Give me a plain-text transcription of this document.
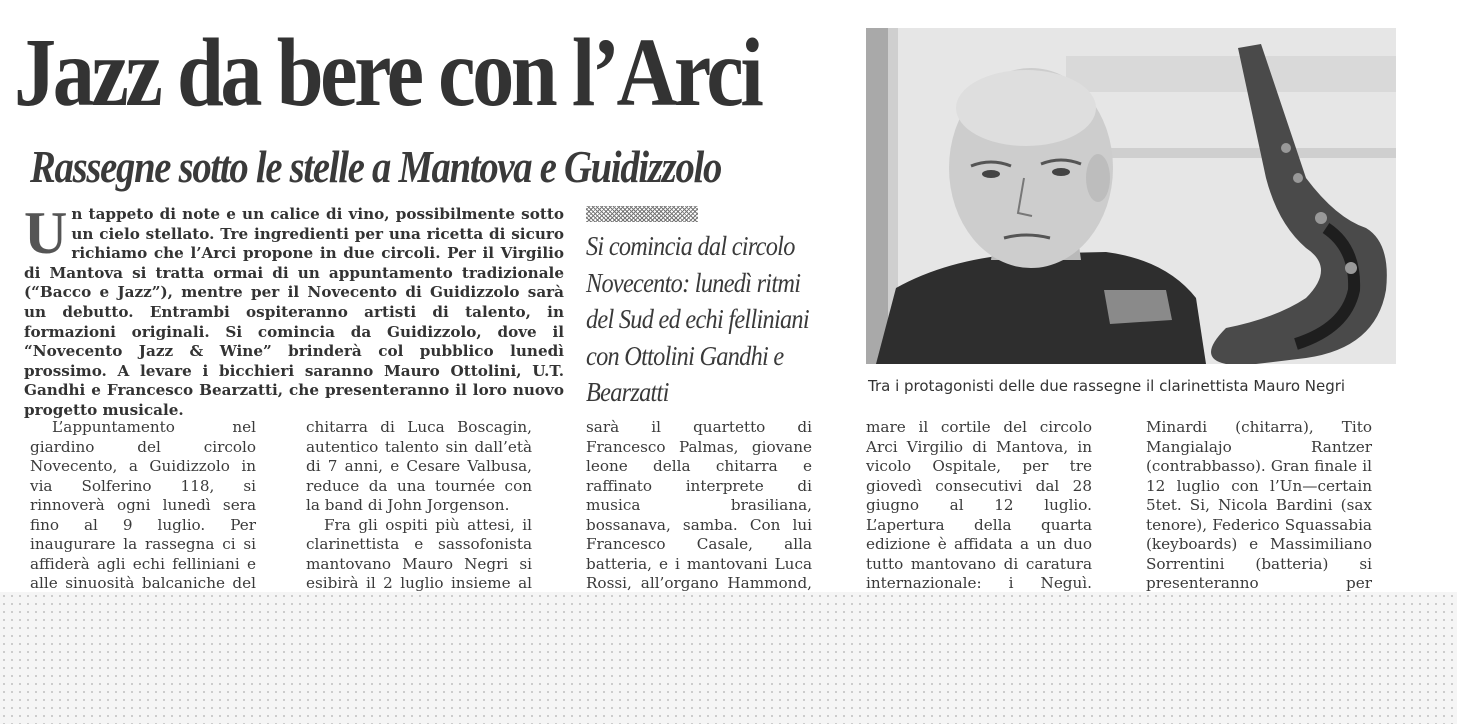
Jazz da bere con l’Arci
Rassegne sotto le stelle a Mantova e Guidizzolo
Un tappeto di note e un calice di vino, possibilmente sotto un cielo stellato. Tre ingredienti per una ricetta di sicuro richiamo che l’Arci propone in due circoli. Per il Virgilio di Mantova si tratta ormai di un appuntamento tradizionale (“Bacco e Jazz”), mentre per il Novecento di Guidizzolo sarà un debutto. Entrambi ospiteranno artisti di talento, in formazioni originali. Si comincia da Guidizzolo, dove il “Novecento Jazz & Wine” brinderà col pubblico lunedì prossimo. A levare i bicchieri saranno Mauro Ottolini, U.T. Gandhi e Francesco Bearzatti, che presenteranno il loro nuovo progetto musicale.
Si comincia dal circolo Novecento: lunedì ritmi del Sud ed echi felliniani con Ottolini Gandhi e Bearzatti	Tra i protagonisti delle due rassegne il clarinettista Mauro Negri

L’appuntamento nel giardino del circolo Novecento, a Guidizzolo in via Solferino 118, si rinnoverà ogni lunedì sera fino al 9 luglio. Per inaugurare la rassegna ci si affiderà agli echi felliniani e alle sinuosità balcaniche del

chitarra di Luca Boscagin, autentico talento sin dall’età di 7 anni, e Cesare Valbusa, reduce da una tournée con la band di John Jorgenson.

Fra gli ospiti più attesi, il clarinettista e sassofonista mantovano Mauro Negri si esibirà il 2 luglio insieme al

sarà il quartetto di Francesco Palmas, giovane leone della chitarra e raffinato interprete di musica brasiliana, bossanava, samba. Con lui Francesco Casale, alla batteria, e i mantovani Luca Rossi, all’organo Hammond,

mare il cortile del circolo Arci Virgilio di Mantova, in vicolo Ospitale, per tre giovedì consecutivi dal 28 giugno al 12 luglio. L’apertura della quarta edizione è affidata a un duo tutto mantovano di caratura internazionale: i Neguì.

Minardi (chitarra), Tito Mangialajo Rantzer (contrabbasso). Gran finale il 12 luglio con l’Un—certain 5tet. Si, Nicola Bardini (sax tenore), Federico Squassabia (keyboards) e Massimiliano Sorrentini (batteria) si presenteranno per
